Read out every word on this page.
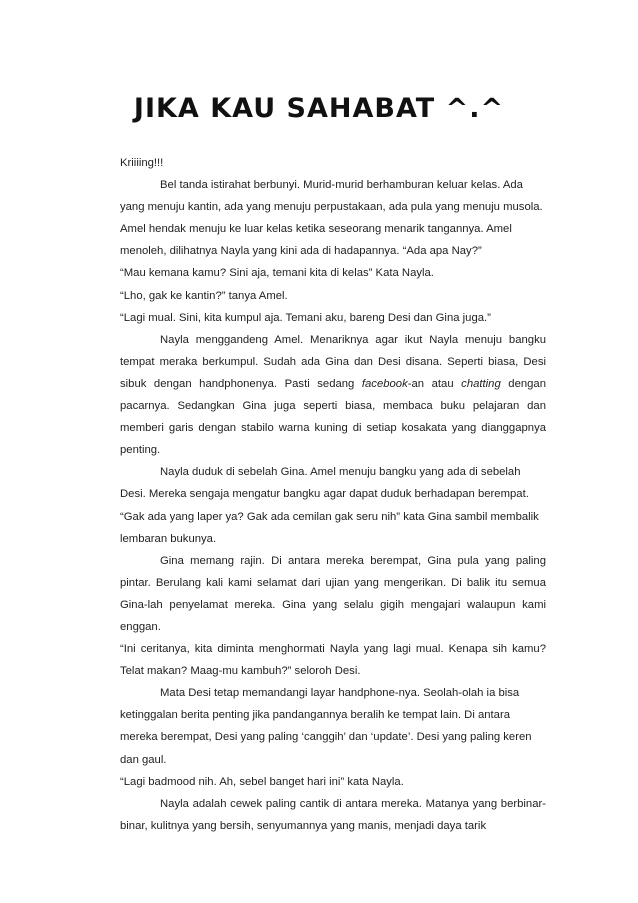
JIKA KAU SAHABAT ^.^

Kriiiing!!!

Bel tanda istirahat berbunyi. Murid-murid berhamburan keluar kelas. Ada yang menuju kantin, ada yang menuju perpustakaan, ada pula yang menuju musola. Amel hendak menuju ke luar kelas ketika seseorang menarik tangannya. Amel menoleh, dilihatnya Nayla yang kini ada di hadapannya. “Ada apa Nay?”

“Mau kemana kamu? Sini aja, temani kita di kelas” Kata Nayla.

“Lho, gak ke kantin?” tanya Amel.

“Lagi mual. Sini, kita kumpul aja. Temani aku, bareng Desi dan Gina juga.”

Nayla menggandeng Amel. Menariknya agar ikut Nayla menuju bangku tempat meraka berkumpul. Sudah ada Gina dan Desi disana. Seperti biasa, Desi sibuk dengan handphonenya. Pasti sedang facebook-an atau chatting dengan pacarnya. Sedangkan Gina juga seperti biasa, membaca buku pelajaran dan memberi garis dengan stabilo warna kuning di setiap kosakata yang dianggapnya penting.

Nayla duduk di sebelah Gina. Amel menuju bangku yang ada di sebelah Desi. Mereka sengaja mengatur bangku agar dapat duduk berhadapan berempat.

“Gak ada yang laper ya? Gak ada cemilan gak seru nih” kata Gina sambil membalik lembaran bukunya.

Gina memang rajin. Di antara mereka berempat, Gina pula yang paling pintar. Berulang kali kami selamat dari ujian yang mengerikan. Di balik itu semua Gina-lah penyelamat mereka. Gina yang selalu gigih mengajari walaupun kami enggan.

“Ini ceritanya, kita diminta menghormati Nayla yang lagi mual. Kenapa sih kamu? Telat makan? Maag-mu kambuh?” seloroh Desi.

Mata Desi tetap memandangi layar handphone-nya. Seolah-olah ia bisa ketinggalan berita penting jika pandangannya beralih ke tempat lain. Di antara mereka berempat, Desi yang paling ‘canggih’ dan ‘update’. Desi yang paling keren dan gaul.

“Lagi badmood nih. Ah, sebel banget hari ini” kata Nayla.

Nayla adalah cewek paling cantik di antara mereka. Matanya yang berbinar-binar, kulitnya yang bersih, senyumannya yang manis, menjadi daya tarik
